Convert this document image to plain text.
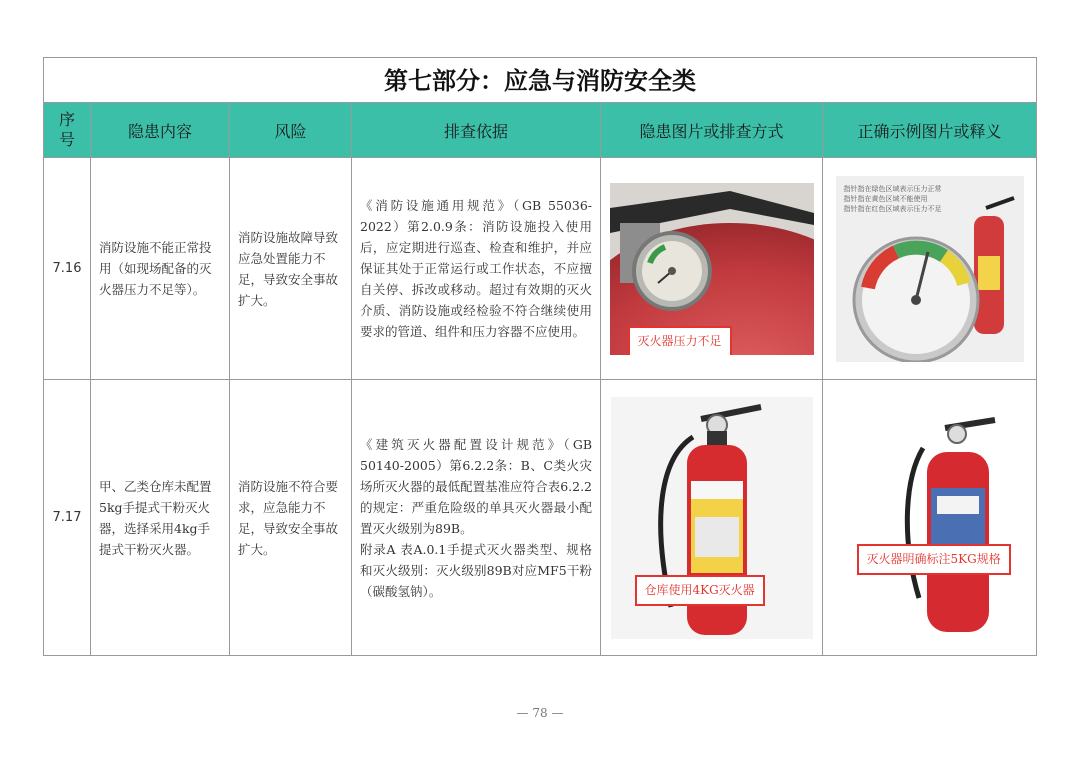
第七部分：应急与消防安全类					
序
号	隐患内容	风险	排查依据	隐患图片或排查方式	正确示例图片或释义
7.16	消防设施不能正常投用（如现场配备的灭火器压力不足等）。	消防设施故障导致应急处置能力不足，导致安全事故扩大。	《消防设施通用规范》（GB 55036-2022）第2.0.9条：消防设施投入使用后，应定期进行巡查、检查和维护，并应保证其处于正常运行或工作状态，不应擅自关停、拆改或移动。超过有效期的灭火介质、消防设施或经检验不符合继续使用要求的管道、组件和压力容器不应使用。	灭火器压力不足	指针指在绿色区域表示压力正常
指针指在黄色区域不能使用
指针指在红色区域表示压力不足

7.17	甲、乙类仓库未配置5kg手提式干粉灭火器，选择采用4kg手提式干粉灭火器。	消防设施不符合要求，应急能力不足，导致安全事故扩大。	《建筑灭火器配置设计规范》（GB 50140-2005）第6.2.2条：B、C类火灾场所灭火器的最低配置基准应符合表6.2.2的规定：严重危险级的单具灭火器最小配置灭火级别为89B。
附录A 表A.0.1手提式灭火器类型、规格和灭火级别：灭火级别89B对应MF5干粉（碳酸氢钠）。	仓库使用4KG灭火器	灭火器明确标注5KG规格
— 78 —
